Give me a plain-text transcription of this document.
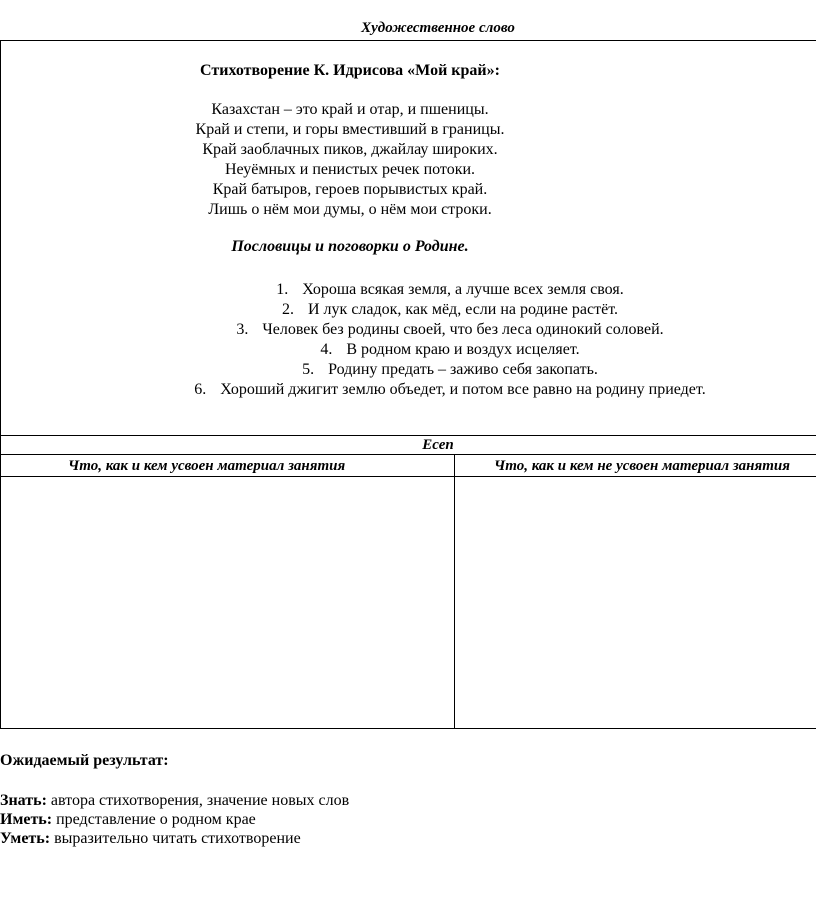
Художественное слово
Стихотворение К. Идрисова «Мой край»:
Казахстан – это край и отар, и пшеницы.
Край и степи, и горы вместивший в границы.
Край заоблачных пиков, джайлау широких.
Неуёмных и пенистых речек потоки.
Край батыров, героев порывистых край.
Лишь о нём мои думы, о нём мои строки.
Пословицы и поговорки о Родине.
1. Хороша всякая земля, а лучше всех земля своя.
2. И лук сладок, как мёд, если на родине растёт.
3. Человек без родины своей, что без леса одинокий соловей.
4. В родном краю и воздух исцеляет.
5. Родину предать – заживо себя закопать.
6. Хороший джигит землю объедет, и потом все равно на родину приедет.
Есеп
Что, как и кем усвоен материал занятия	Что, как и кем не усвоен материал занятия
Ожидаемый результат:
Знать: автора стихотворения, значение новых слов
Иметь: представление о родном крае
Уметь: выразительно читать стихотворение
